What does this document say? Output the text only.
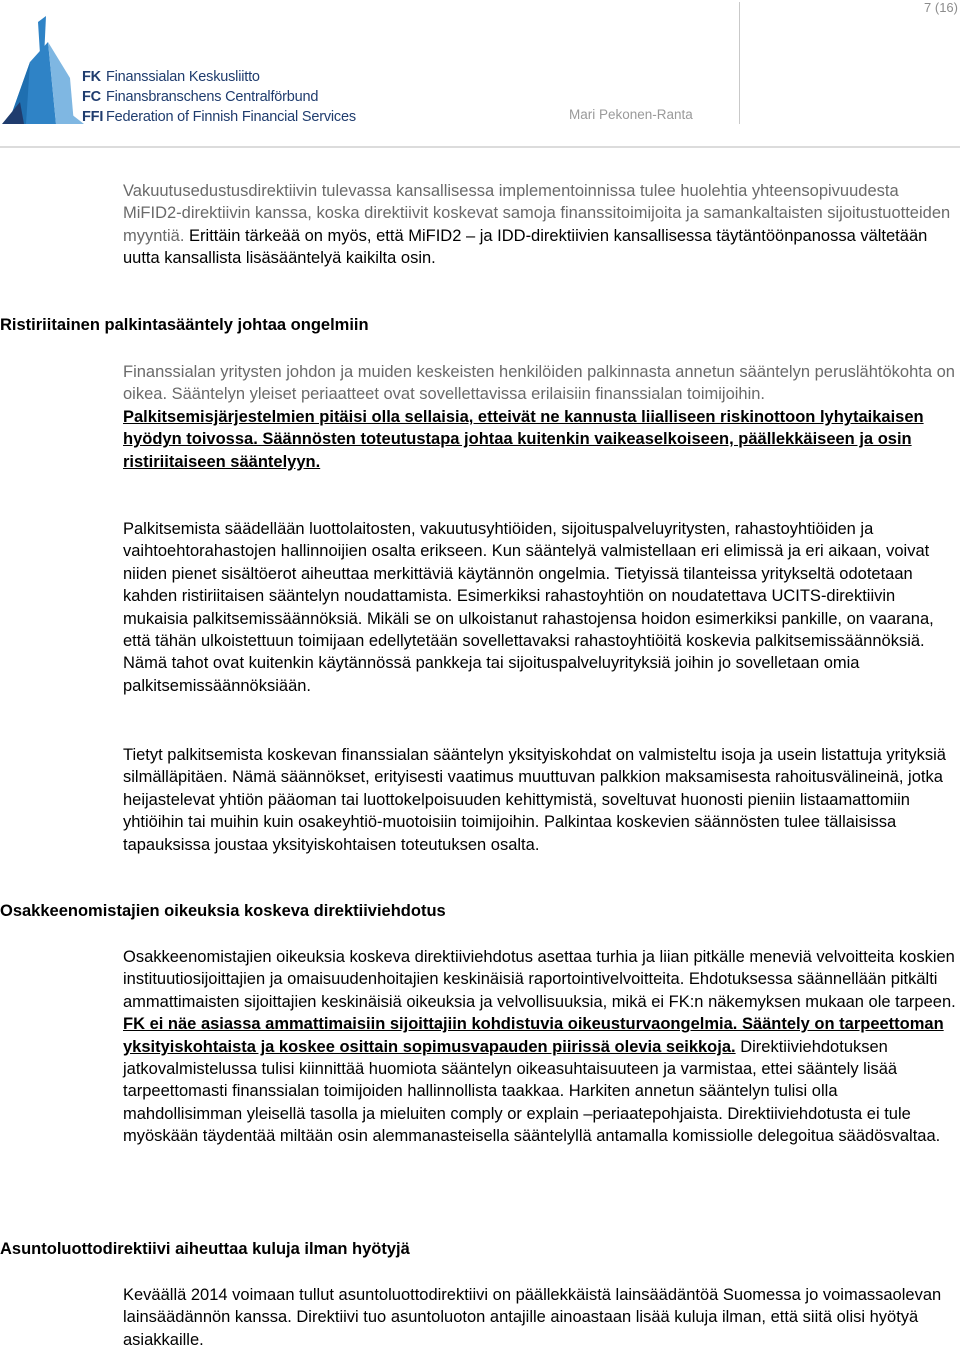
7 (16)
FK Finanssialan Keskusliitto
FC Finansbranschens Centralförbund
FFI Federation of Finnish Financial Services	Mari Pekonen-Ranta

Vakuutusedustusdirektiivin tulevassa kansallisessa implementoinnissa tulee huolehtia yhteensopivuudesta MiFID2-direktiivin kanssa, koska direktiivit koskevat samoja finanssitoimijoita ja samankaltaisten sijoitustuotteiden myyntiä. Erittäin tärkeää on myös, että MiFID2 – ja IDD-direktiivien kansallisessa täytäntöönpanossa vältetään uutta kansallista lisäsääntelyä kaikilta osin.

Ristiriitainen palkintasääntely johtaa ongelmiin

Finanssialan yritysten johdon ja muiden keskeisten henkilöiden palkinnasta annetun sääntelyn peruslähtökohta on oikea. Sääntelyn yleiset periaatteet ovat sovellettavissa erilaisiin finanssialan toimijoihin. Palkitsemisjärjestelmien pitäisi olla sellaisia, etteivät ne kannusta liialliseen riskinottoon lyhytaikaisen hyödyn toivossa. Säännösten toteutustapa johtaa kuitenkin vaikeaselkoiseen, päällekkäiseen ja osin ristiriitaiseen sääntelyyn.

Palkitsemista säädellään luottolaitosten, vakuutusyhtiöiden, sijoituspalveluyritysten, rahastoyhtiöiden ja vaihtoehtorahastojen hallinnoijien osalta erikseen. Kun sääntelyä valmistellaan eri elimissä ja eri aikaan, voivat niiden pienet sisältöerot aiheuttaa merkittäviä käytännön ongelmia. Tietyissä tilanteissa yritykseltä odotetaan kahden ristiriitaisen sääntelyn noudattamista. Esimerkiksi rahastoyhtiön on noudatettava UCITS-direktiivin mukaisia palkitsemissäännöksiä. Mikäli se on ulkoistanut rahastojensa hoidon esimerkiksi pankille, on vaarana, että tähän ulkoistettuun toimijaan edellytetään sovellettavaksi rahastoyhtiöitä koskevia palkitsemissäännöksiä. Nämä tahot ovat kuitenkin käytännössä pankkeja tai sijoituspalveluyrityksiä joihin jo sovelletaan omia palkitsemissäännöksiään.

Tietyt palkitsemista koskevan finanssialan sääntelyn yksityiskohdat on valmisteltu isoja ja usein listattuja yrityksiä silmälläpitäen. Nämä säännökset, erityisesti vaatimus muuttuvan palkkion maksamisesta rahoitusvälineinä, jotka heijastelevat yhtiön pääoman tai luottokelpoisuuden kehittymistä, soveltuvat huonosti pieniin listaamattomiin yhtiöihin tai muihin kuin osakeyhtiö-muotoisiin toimijoihin. Palkintaa koskevien säännösten tulee tällaisissa tapauksissa joustaa yksityiskohtaisen toteutuksen osalta.

Osakkeenomistajien oikeuksia koskeva direktiiviehdotus

Osakkeenomistajien oikeuksia koskeva direktiiviehdotus asettaa turhia ja liian pitkälle meneviä velvoitteita koskien instituutiosijoittajien ja omaisuudenhoitajien keskinäisiä raportointivelvoitteita. Ehdotuksessa säännellään pitkälti ammattimaisten sijoittajien keskinäisiä oikeuksia ja velvollisuuksia, mikä ei FK:n näkemyksen mukaan ole tarpeen. FK ei näe asiassa ammattimaisiin sijoittajiin kohdistuvia oikeusturvaongelmia. Sääntely on tarpeettoman yksityiskohtaista ja koskee osittain sopimusvapauden piirissä olevia seikkoja. Direktiiviehdotuksen jatkovalmistelussa tulisi kiinnittää huomiota sääntelyn oikeasuhtaisuuteen ja varmistaa, ettei sääntely lisää tarpeettomasti finanssialan toimijoiden hallinnollista taakkaa. Harkiten annetun sääntelyn tulisi olla mahdollisimman yleisellä tasolla ja mieluiten comply or explain –periaatepohjaista. Direktiiviehdotusta ei tule myöskään täydentää miltään osin alemmanasteisella sääntelyllä antamalla komissiolle delegoitua säädösvaltaa.

Asuntoluottodirektiivi aiheuttaa kuluja ilman hyötyjä

Keväällä 2014 voimaan tullut asuntoluottodirektiivi on päällekkäistä lainsäädäntöä Suomessa jo voimassaolevan lainsäädännön kanssa. Direktiivi tuo asuntoluoton antajille ainoastaan lisää kuluja ilman, että siitä olisi hyötyä asiakkaille.
